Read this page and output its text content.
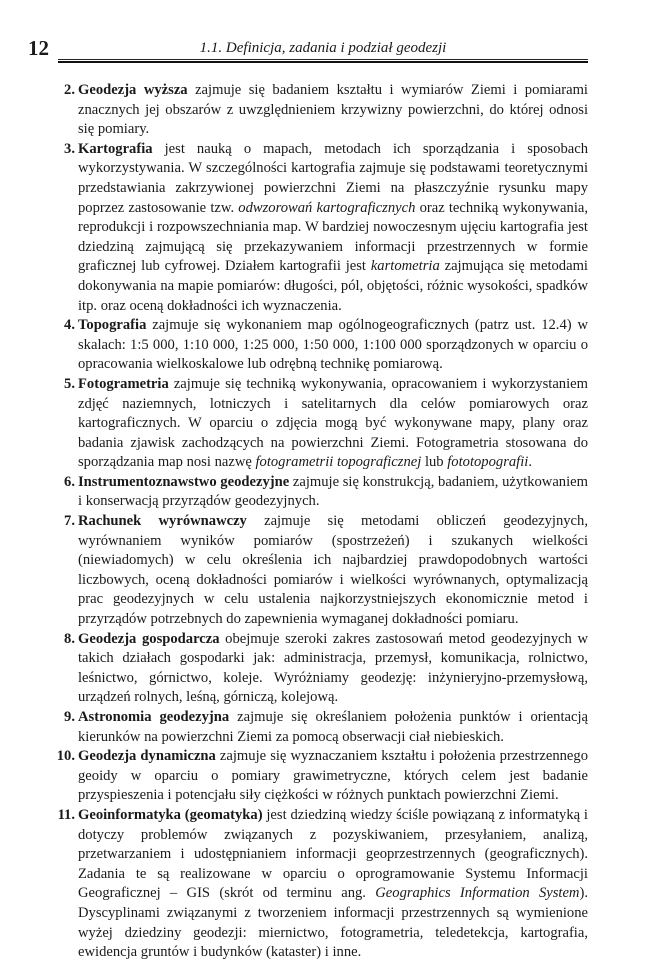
12	1.1. Definicja, zadania i podział geodezji
2. Geodezja wyższa zajmuje się badaniem kształtu i wymiarów Ziemi i pomiarami znacznych jej obszarów z uwzględnieniem krzywizny powierzchni, do której odnosi się pomiary.
3. Kartografia jest nauką o mapach, metodach ich sporządzania i sposobach wykorzystywania. W szczególności kartografia zajmuje się podstawami teoretycznymi przedstawiania zakrzywionej powierzchni Ziemi na płaszczyźnie rysunku mapy poprzez zastosowanie tzw. odwzorowań kartograficznych oraz techniką wykonywania, reprodukcji i rozpowszechniania map. W bardziej nowoczesnym ujęciu kartografia jest dziedziną zajmującą się przekazywaniem informacji przestrzennych w formie graficznej lub cyfrowej. Działem kartografii jest kartometria zajmująca się metodami dokonywania na mapie pomiarów: długości, pól, objętości, różnic wysokości, spadków itp. oraz oceną dokładności ich wyznaczenia.
4. Topografia zajmuje się wykonaniem map ogólnogeograficznych (patrz ust. 12.4) w skalach: 1:5 000, 1:10 000, 1:25 000, 1:50 000, 1:100 000 sporządzonych w oparciu o opracowania wielkoskalowe lub odrębną technikę pomiarową.
5. Fotogrametria zajmuje się techniką wykonywania, opracowaniem i wykorzystaniem zdjęć naziemnych, lotniczych i satelitarnych dla celów pomiarowych oraz kartograficznych. W oparciu o zdjęcia mogą być wykonywane mapy, plany oraz badania zjawisk zachodzących na powierzchni Ziemi. Fotogrametria stosowana do sporządzania map nosi nazwę fotogrametrii topograficznej lub fototopografii.
6. Instrumentoznawstwo geodezyjne zajmuje się konstrukcją, badaniem, użytkowaniem i konserwacją przyrządów geodezyjnych.
7. Rachunek wyrównawczy zajmuje się metodami obliczeń geodezyjnych, wyrównaniem wyników pomiarów (spostrzeżeń) i szukanych wielkości (niewiadomych) w celu określenia ich najbardziej prawdopodobnych wartości liczbowych, oceną dokładności pomiarów i wielkości wyrównanych, optymalizacją prac geodezyjnych w celu ustalenia najkorzystniejszych ekonomicznie metod i przyrządów potrzebnych do zapewnienia wymaganej dokładności pomiaru.
8. Geodezja gospodarcza obejmuje szeroki zakres zastosowań metod geodezyjnych w takich działach gospodarki jak: administracja, przemysł, komunikacja, rolnictwo, leśnictwo, górnictwo, koleje. Wyróżniamy geodezję: inżynieryjno-przemysłową, urządzeń rolnych, leśną, górniczą, kolejową.
9. Astronomia geodezyjna zajmuje się określaniem położenia punktów i orientacją kierunków na powierzchni Ziemi za pomocą obserwacji ciał niebieskich.
10. Geodezja dynamiczna zajmuje się wyznaczaniem kształtu i położenia przestrzennego geoidy w oparciu o pomiary grawimetryczne, których celem jest badanie przyspieszenia i potencjału siły ciężkości w różnych punktach powierzchni Ziemi.
11. Geoinformatyka (geomatyka) jest dziedziną wiedzy ściśle powiązaną z informatyką i dotyczy problemów związanych z pozyskiwaniem, przesyłaniem, analizą, przetwarzaniem i udostępnianiem informacji geoprzestrzennych (geograficznych). Zadania te są realizowane w oparciu o oprogramowanie Systemu Informacji Geograficznej – GIS (skrót od terminu ang. Geographics Information System). Dyscyplinami związanymi z tworzeniem informacji przestrzennych są wymienione wyżej dziedziny geodezji: miernictwo, fotogrametria, teledetekcja, kartografia, ewidencja gruntów i budynków (kataster) i inne.
